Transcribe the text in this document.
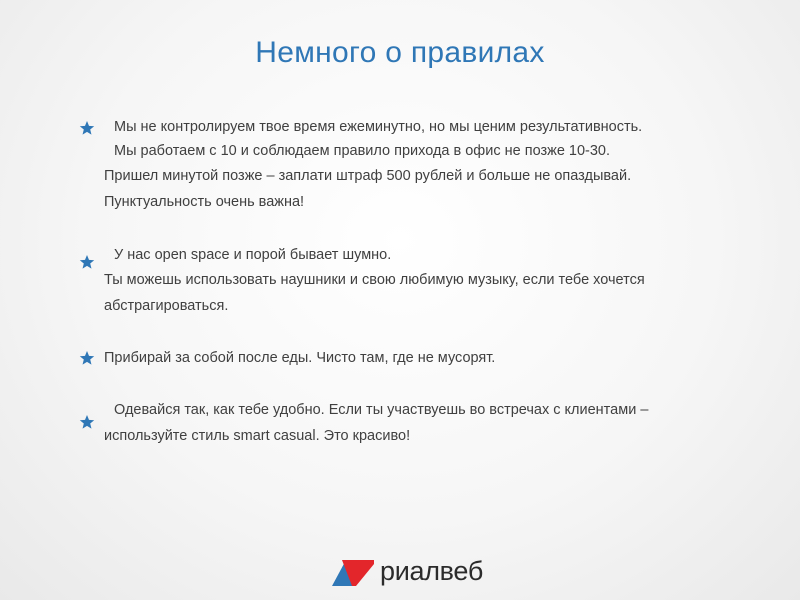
Немного о правилах
Мы не контролируем твое время ежеминутно, но мы ценим результативность.
Мы работаем с 10 и соблюдаем правило прихода в офис не позже 10-30.
Пришел минутой позже – заплати штраф 500 рублей и больше не опаздывай.
Пунктуальность очень важна!
У нас open space и порой бывает шумно.
Ты можешь использовать наушники и свою любимую музыку, если тебе хочется
абстрагироваться.
Прибирай за собой после еды. Чисто там, где не мусорят.
Одевайся так, как тебе удобно. Если ты участвуешь во встречах с клиентами –
используйте стиль smart casual. Это красиво!
риалвеб
